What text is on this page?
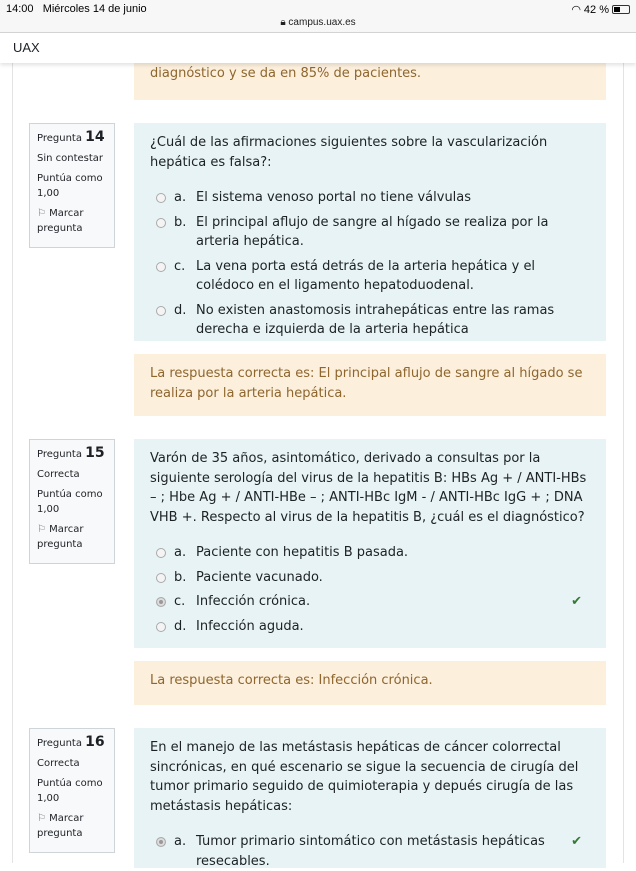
14:00 Miércoles 14 de junio
🔒︎ campus.uax.es
◠ 42 %
UAX
diagnóstico y se da en 85% de pacientes.

Pregunta 14

Sin contestar

Puntúa como
1,00

⚐ Marcar pregunta

¿Cuál de las afirmaciones siguientes sobre la vascularización hepática es falsa?:
a. El sistema venoso portal no tiene válvulas
b. El principal aflujo de sangre al hígado se realiza por la arteria hepática.
c. La vena porta está detrás de la arteria hepática y el colédoco en el ligamento hepatoduodenal.
d. No existen anastomosis intrahepáticas entre las ramas derecha e izquierda de la arteria hepática
La respuesta correcta es: El principal aflujo de sangre al hígado se realiza por la arteria hepática.

Pregunta 15

Correcta

Puntúa como
1,00

⚐ Marcar pregunta

Varón de 35 años, asintomático, derivado a consultas por la siguiente serología del virus de la hepatitis B: HBs Ag + / ANTI-HBs – ; Hbe Ag + / ANTI-HBe – ; ANTI-HBc IgM - / ANTI-HBc IgG + ; DNA VHB +. Respecto al virus de la hepatitis B, ¿cuál es el diagnóstico?
a. Paciente con hepatitis B pasada.
b. Paciente vacunado.
c. Infección crónica.	✔
d. Infección aguda.
La respuesta correcta es: Infección crónica.

Pregunta 16

Correcta

Puntúa como
1,00

⚐ Marcar pregunta

En el manejo de las metástasis hepáticas de cáncer colorrectal sincrónicas, en qué escenario se sigue la secuencia de cirugía del tumor primario seguido de quimioterapia y depués cirugía de las metástasis hepáticas:
a. Tumor primario sintomático con metástasis hepáticas resecables.
✔
